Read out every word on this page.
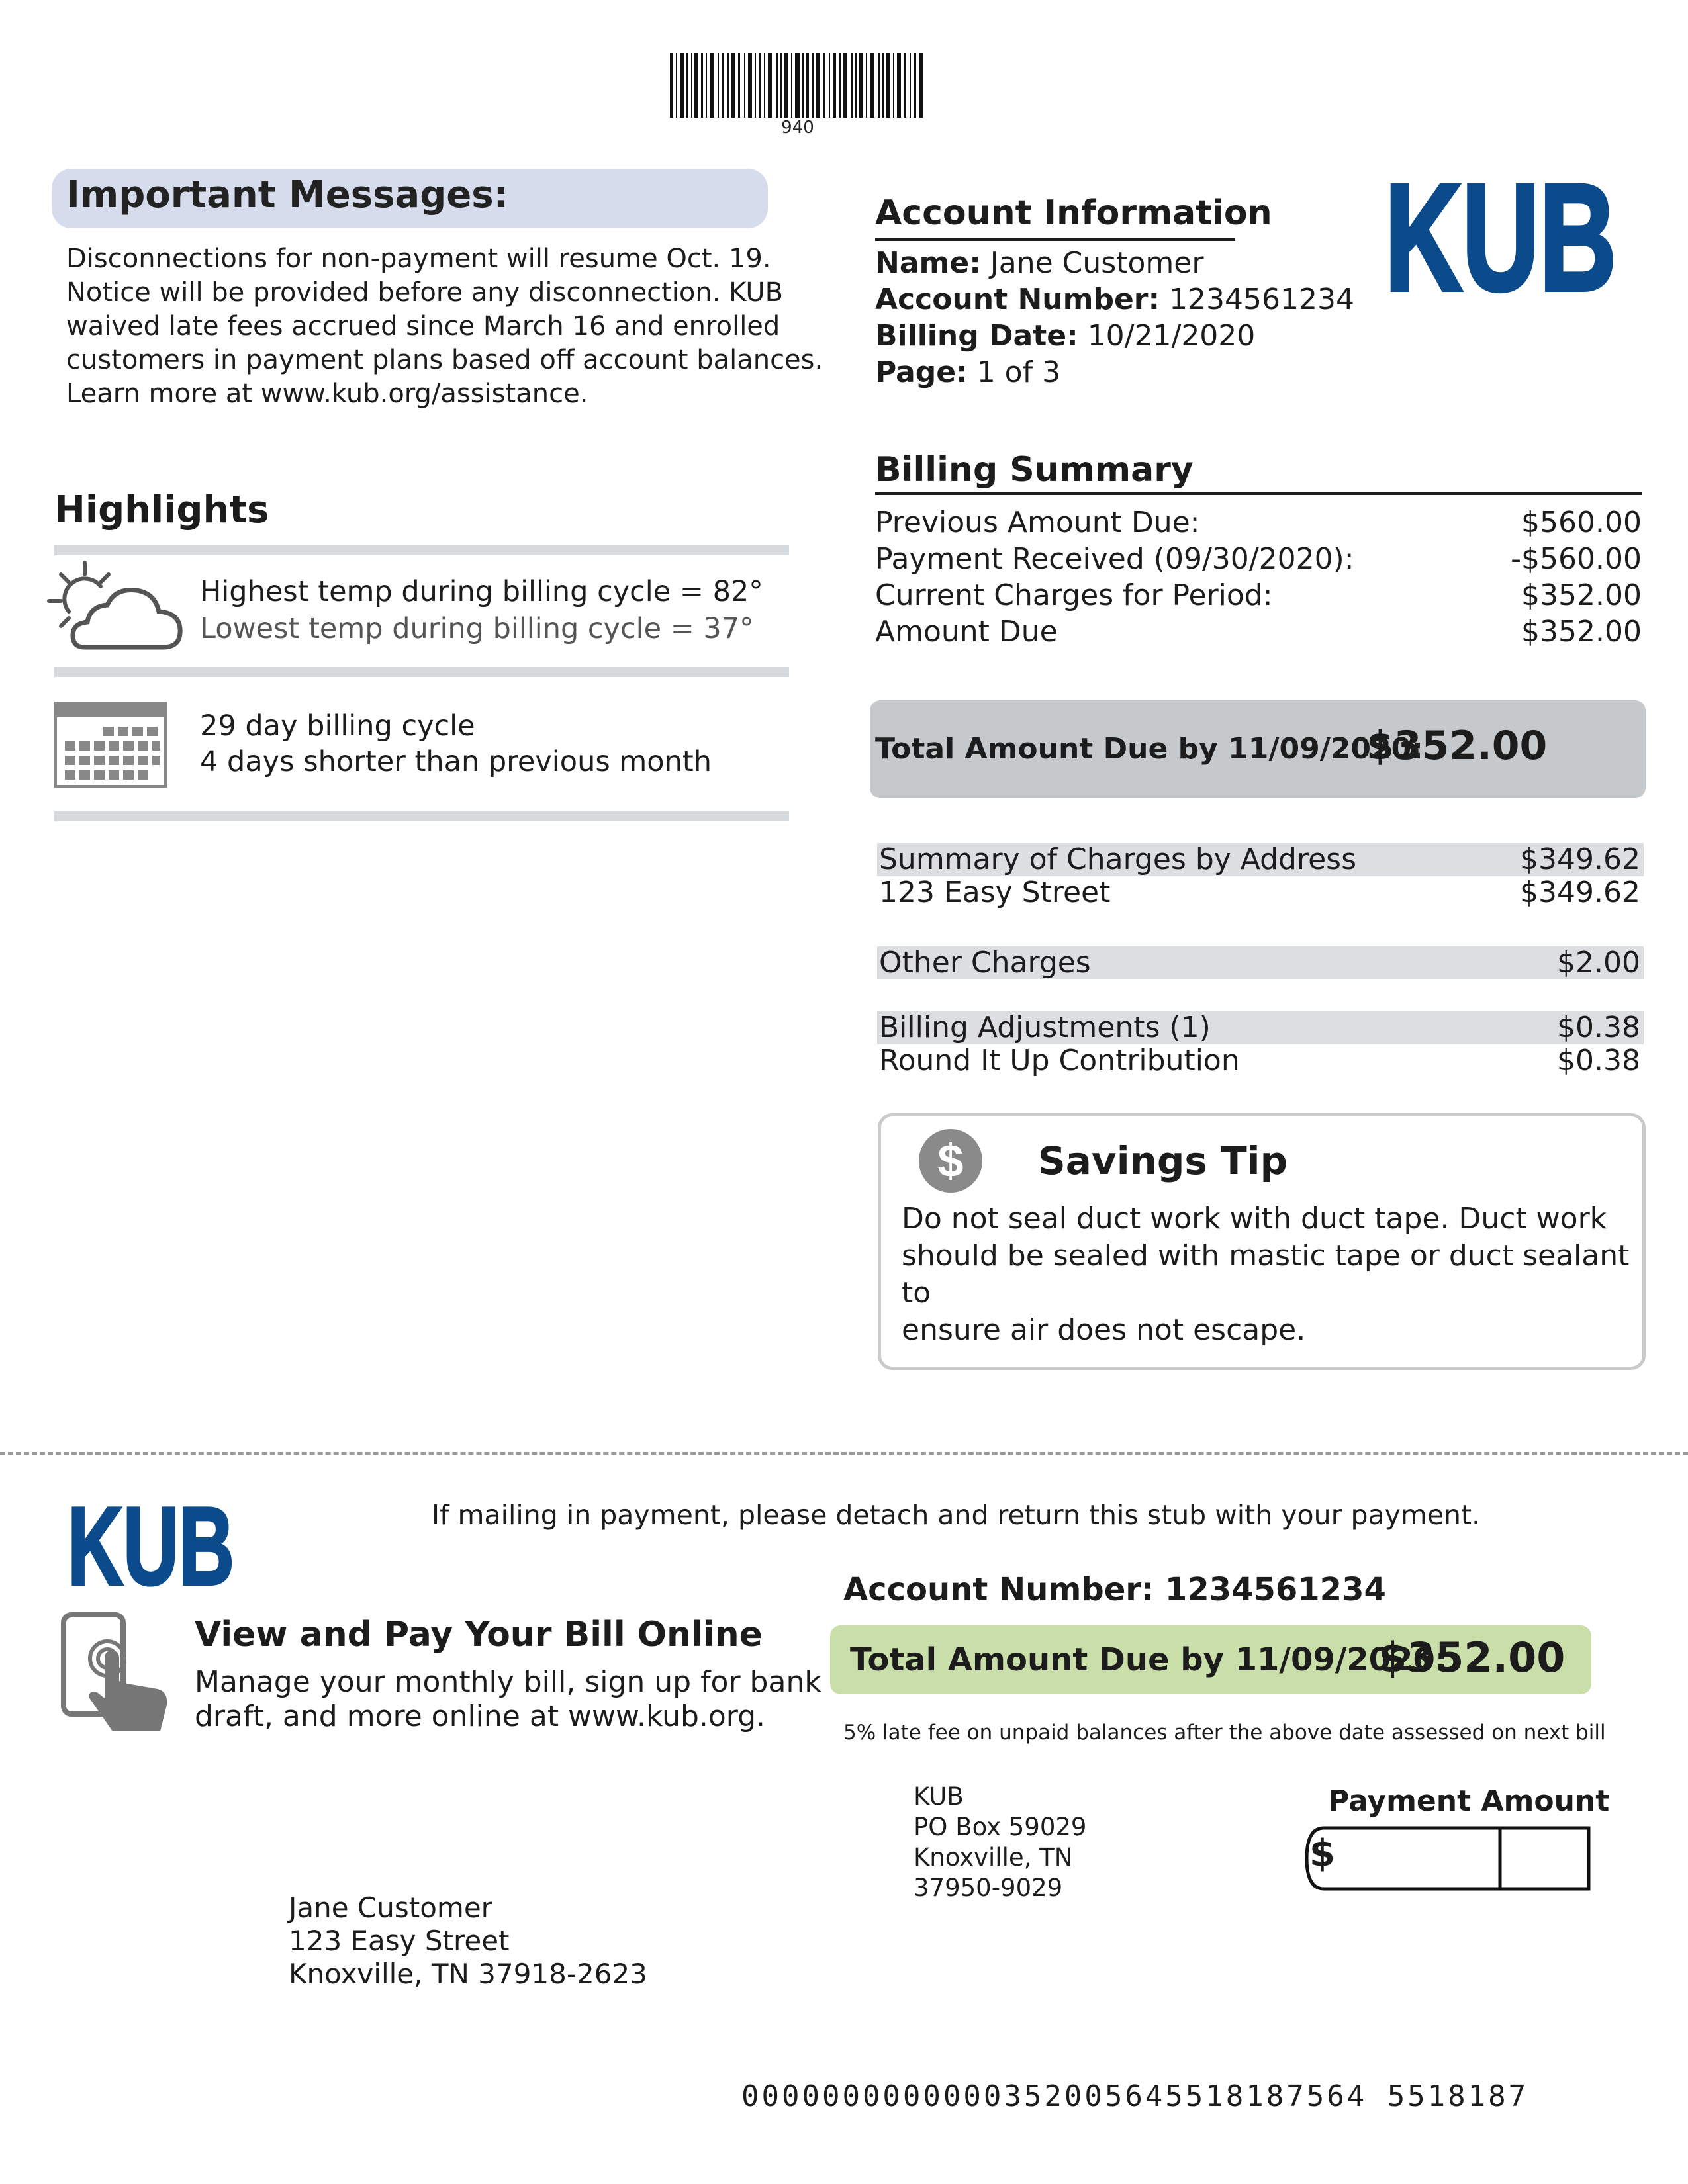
940
Important Messages:
Disconnections for non-payment will resume Oct. 19.
Notice will be provided before any disconnection. KUB
waived late fees accrued since March 16 and enrolled
customers in payment plans based off account balances.
Learn more at www.kub.org/assistance.
Highlights
Highest temp during billing cycle = 82°
Lowest temp during billing cycle = 37°
29 day billing cycle
4 days shorter than previous month
Account Information
Name: Jane Customer
Account Number: 1234561234
Billing Date: 10/21/2020
Page: 1 of 3
KUB
Billing Summary
Previous Amount Due:	$560.00
Payment Received (09/30/2020):	-$560.00
Current Charges for Period:	$352.00
Amount Due	$352.00
Total Amount Due by 11/09/2020:
$352.00
Summary of Charges by Address	$349.62
123 Easy Street	$349.62
Other Charges	$2.00
Billing Adjustments (1)	$0.38
Round It Up Contribution	$0.38
$ Savings Tip
Do not seal duct work with duct tape. Duct work
should be sealed with mastic tape or duct sealant to
ensure air does not escape.
KUB	If mailing in payment, please detach and return this stub with your payment.
Account Number: 1234561234
Total Amount Due by 11/09/2020:
$352.00
5% late fee on unpaid balances after the above date assessed on next bill
View and Pay Your Bill Online
Manage your monthly bill, sign up for bank
draft, and more online at www.kub.org.
KUB
PO Box 59029
Knoxville, TN
37950-9029
Payment Amount
$
Jane Customer
123 Easy Street
Knoxville, TN 37918-2623
0000000000000352005645518187564 5518187
